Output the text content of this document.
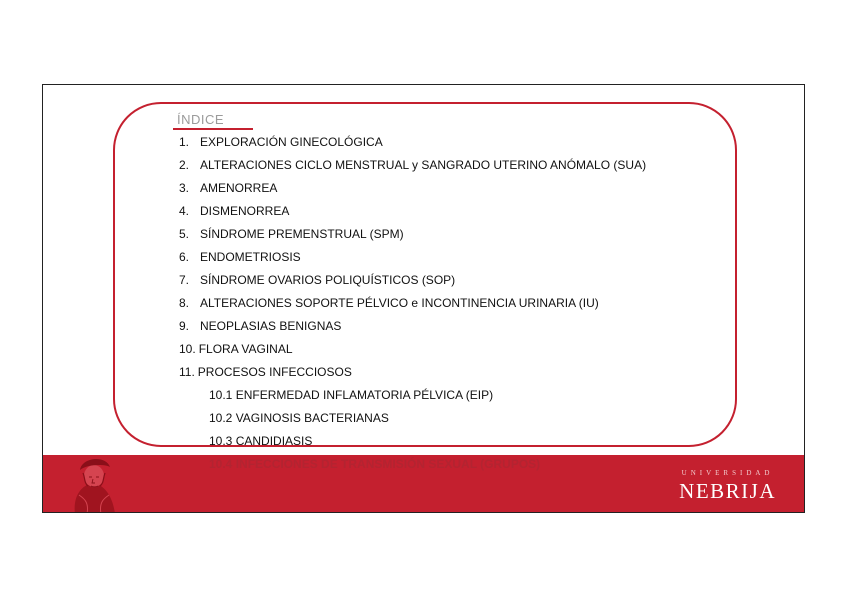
UNIVERSIDAD
NEBRIJA
ÍNDICE
1. EXPLORACIÓN GINECOLÓGICA
2. ALTERACIONES CICLO MENSTRUAL y SANGRADO UTERINO ANÓMALO (SUA)
3. AMENORREA
4. DISMENORREA
5. SÍNDROME PREMENSTRUAL (SPM)
6. ENDOMETRIOSIS
7. SÍNDROME OVARIOS POLIQUÍSTICOS (SOP)
8. ALTERACIONES SOPORTE PÉLVICO e INCONTINENCIA URINARIA (IU)
9. NEOPLASIAS BENIGNAS
10. FLORA VAGINAL
11. PROCESOS INFECCIOSOS
10.1 ENFERMEDAD INFLAMATORIA PÉLVICA (EIP)
10.2 VAGINOSIS BACTERIANAS
10.3 CANDIDIASIS
10.4 INFECCIONES DE TRANSMISIÓN SEXUAL (GRUPOS)
